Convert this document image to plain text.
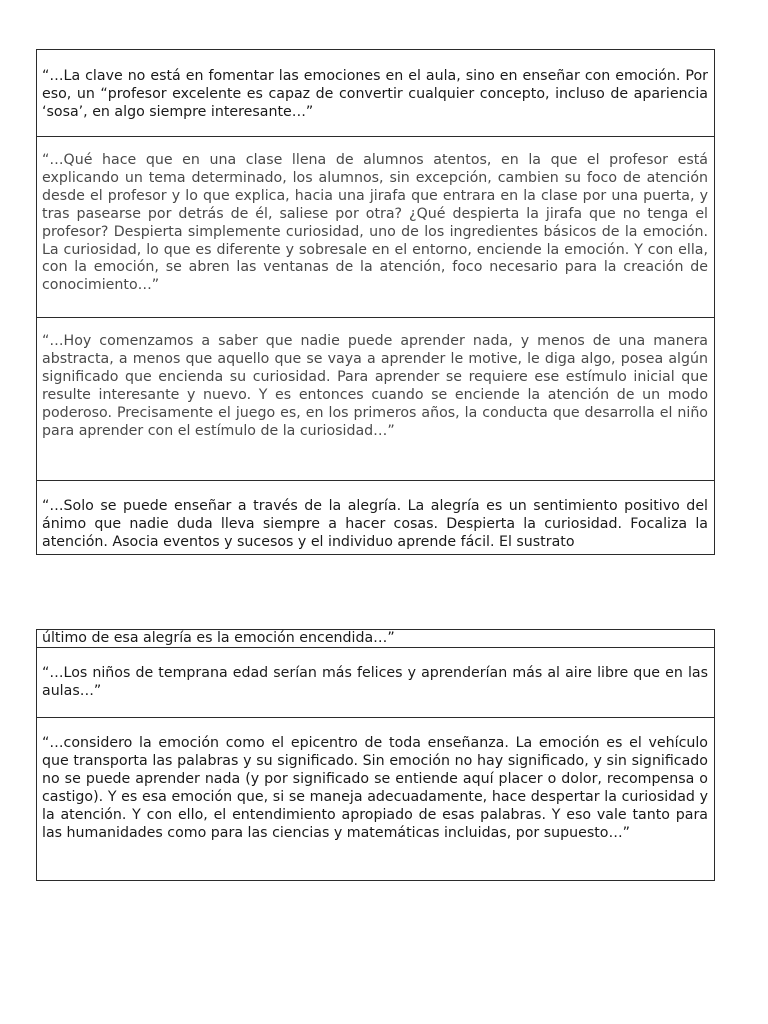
“…La clave no está en fomentar las emociones en el aula, sino en enseñar con emoción. Por eso, un “profesor excelente es capaz de convertir cualquier concepto, incluso de apariencia ‘sosa’, en algo siempre interesante…”

“…Qué hace que en una clase llena de alumnos atentos, en la que el profesor está explicando un tema determinado, los alumnos, sin excepción, cambien su foco de atención desde el profesor y lo que explica, hacia una jirafa que entrara en la clase por una puerta, y tras pasearse por detrás de él, saliese por otra? ¿Qué despierta la jirafa que no tenga el profesor? Despierta simplemente curiosidad, uno de los ingredientes básicos de la emoción. La curiosidad, lo que es diferente y sobresale en el entorno, enciende la emoción. Y con ella, con la emoción, se abren las ventanas de la atención, foco necesario para la creación de conocimiento…”

“…Hoy comenzamos a saber que nadie puede aprender nada, y menos de una manera abstracta, a menos que aquello que se vaya a aprender le motive, le diga algo, posea algún significado que encienda su curiosidad. Para aprender se requiere ese estímulo inicial que resulte interesante y nuevo. Y es entonces cuando se enciende la atención de un modo poderoso. Precisamente el juego es, en los primeros años, la conducta que desarrolla el niño para aprender con el estímulo de la curiosidad…”

“…Solo se puede enseñar a través de la alegría. La alegría es un sentimiento positivo del ánimo que nadie duda lleva siempre a hacer cosas. Despierta la curiosidad. Focaliza la atención. Asocia eventos y sucesos y el individuo aprende fácil. El sustrato

último de esa alegría es la emoción encendida…”

“…Los niños de temprana edad serían más felices y aprenderían más al aire libre que en las aulas…”

“…considero la emoción como el epicentro de toda enseñanza. La emoción es el vehículo que transporta las palabras y su significado. Sin emoción no hay significado, y sin significado no se puede aprender nada (y por significado se entiende aquí placer o dolor, recompensa o castigo). Y es esa emoción que, si se maneja adecuadamente, hace despertar la curiosidad y la atención. Y con ello, el entendimiento apropiado de esas palabras. Y eso vale tanto para las humanidades como para las ciencias y matemáticas incluidas, por supuesto…”
